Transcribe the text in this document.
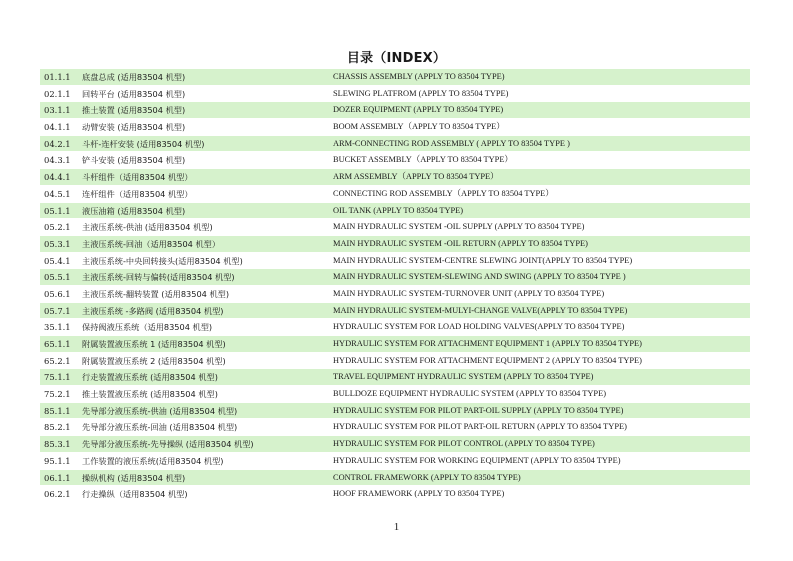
目录（INDEX）
01.1.1 底盘总成 (适用83504 机型)	CHASSIS ASSEMBLY (APPLY TO 83504 TYPE)
02.1.1 回转平台 (适用83504 机型)	SLEWING PLATFROM (APPLY TO 83504 TYPE)
03.1.1 推土装置 (适用83504 机型)	DOZER EQUIPMENT (APPLY TO 83504 TYPE)
04.1.1 动臂安装 (适用83504 机型)	BOOM ASSEMBLY（APPLY TO 83504 TYPE）
04.2.1 斗杆-连杆安装 (适用83504 机型)	ARM-CONNECTING ROD ASSEMBLY ( APPLY TO 83504 TYPE )
04.3.1 铲斗安装 (适用83504 机型)	BUCKET ASSEMBLY（APPLY TO 83504 TYPE）
04.4.1 斗杆组件（适用83504 机型）	ARM ASSEMBLY（APPLY TO 83504 TYPE）
04.5.1 连杆组件（适用83504 机型）	CONNECTING ROD ASSEMBLY（APPLY TO 83504 TYPE）
05.1.1 液压油箱 (适用83504 机型)	OIL TANK (APPLY TO 83504 TYPE)
05.2.1 主液压系统-供油 (适用83504 机型)	MAIN HYDRAULIC SYSTEM -OIL SUPPLY (APPLY TO 83504 TYPE)
05.3.1 主液压系统-回油（适用83504 机型）	MAIN HYDRAULIC SYSTEM -OIL RETURN (APPLY TO 83504 TYPE)
05.4.1 主液压系统-中央回转接头(适用83504 机型)	MAIN HYDRAULIC SYSTEM-CENTRE SLEWING JOINT(APPLY TO 83504 TYPE)
05.5.1 主液压系统-回转与偏转(适用83504 机型)	MAIN HYDRAULIC SYSTEM-SLEWING AND SWING (APPLY TO 83504 TYPE )
05.6.1 主液压系统-翻转装置 (适用83504 机型)	MAIN HYDRAULIC SYSTEM-TURNOVER UNIT (APPLY TO 83504 TYPE)
05.7.1 主液压系统 -多路阀 (适用83504 机型)	MAIN HYDRAULIC SYSTEM-MULYI-CHANGE VALVE(APPLY TO 83504 TYPE)
35.1.1 保持阀液压系统（适用83504 机型)	HYDRAULIC SYSTEM FOR LOAD HOLDING VALVES(APPLY TO 83504 TYPE)
65.1.1 附属装置液压系统 1 (适用83504 机型)	HYDRAULIC SYSTEM FOR ATTACHMENT EQUIPMENT 1 (APPLY TO 83504 TYPE)
65.2.1 附属装置液压系统 2 (适用83504 机型)	HYDRAULIC SYSTEM FOR ATTACHMENT EQUIPMENT 2 (APPLY TO 83504 TYPE)
75.1.1 行走装置液压系统 (适用83504 机型)	TRAVEL EQUIPMENT HYDRAULIC SYSTEM (APPLY TO 83504 TYPE)
75.2.1 推土装置液压系统 (适用83504 机型)	BULLDOZE EQUIPMENT HYDRAULIC SYSTEM (APPLY TO 83504 TYPE)
85.1.1 先导部分液压系统-供油 (适用83504 机型)	HYDRAULIC SYSTEM FOR PILOT PART-OIL SUPPLY (APPLY TO 83504 TYPE)
85.2.1 先导部分液压系统-回油 (适用83504 机型)	HYDRAULIC SYSTEM FOR PILOT PART-OIL RETURN (APPLY TO 83504 TYPE)
85.3.1 先导部分液压系统-先导操纵 (适用83504 机型)	HYDRAULIC SYSTEM FOR PILOT CONTROL (APPLY TO 83504 TYPE)
95.1.1 工作装置的液压系统(适用83504 机型)	HYDRAULIC SYSTEM FOR WORKING EQUIPMENT (APPLY TO 83504 TYPE)
06.1.1 操纵机构 (适用83504 机型)	CONTROL FRAMEWORK (APPLY TO 83504 TYPE)
06.2.1 行走操纵（适用83504 机型)	HOOF FRAMEWORK (APPLY TO 83504 TYPE)
1
